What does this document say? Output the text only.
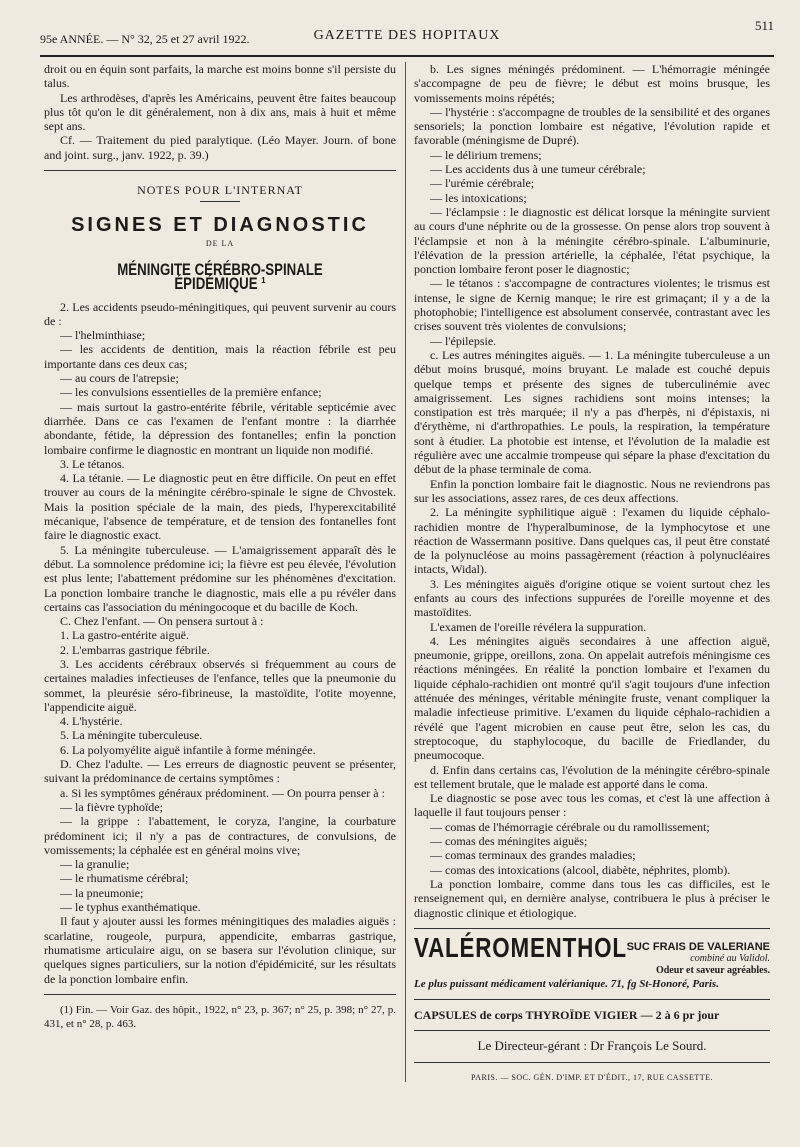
95e ANNÉE. — N° 32, 25 et 27 avril 1922.	GAZETTE DES HOPITAUX
511

droit ou en équin sont parfaits, la marche est moins bonne s'il persiste du talus.

Les arthrodèses, d'après les Américains, peuvent être faites beaucoup plus tôt qu'on le dit généralement, non à dix ans, mais à huit et même sept ans.

Cf. — Traitement du pied paralytique. (Léo Mayer. Journ. of bone and joint. surg., janv. 1922, p. 39.)

NOTES POUR L'INTERNAT
SIGNES ET DIAGNOSTIC
DE LA
MÉNINGITE CÉRÉBRO-SPINALE ÉPIDÉMIQUE ¹

2. Les accidents pseudo-méningitiques, qui peuvent survenir au cours de :

— l'helminthiase;

— les accidents de dentition, mais la réaction fébrile est peu importante dans ces deux cas;

— au cours de l'atrepsie;

— les convulsions essentielles de la première enfance;

— mais surtout la gastro-entérite fébrile, véritable septicémie avec diarrhée. Dans ce cas l'examen de l'enfant montre : la diarrhée abondante, fétide, la dépression des fontanelles; enfin la ponction lombaire confirme le diagnostic en montrant un liquide non modifié.

3. Le tétanos.

4. La tétanie. — Le diagnostic peut en être difficile. On peut en effet trouver au cours de la méningite cérébro-spinale le signe de Chvostek. Mais la position spéciale de la main, des pieds, l'hyperexcitabilité mécanique, l'absence de température, et de tension des fontanelles font faire le diagnostic exact.

5. La méningite tuberculeuse. — L'amaigrissement apparaît dès le début. La somnolence prédomine ici; la fièvre est peu élevée, l'évolution est plus lente; l'abattement prédomine sur les phénomènes d'excitation. La ponction lombaire tranche le diagnostic, mais elle a pu révéler dans certains cas l'association du méningocoque et du bacille de Koch.

C. Chez l'enfant. — On pensera surtout à :

1. La gastro-entérite aiguë.

2. L'embarras gastrique fébrile.

3. Les accidents cérébraux observés si fréquemment au cours de certaines maladies infectieuses de l'enfance, telles que la pneumonie du sommet, la pleurésie séro-fibrineuse, la mastoïdite, l'otite moyenne, l'appendicite aiguë.

4. L'hystérie.

5. La méningite tuberculeuse.

6. La polyomyélite aiguë infantile à forme méningée.

D. Chez l'adulte. — Les erreurs de diagnostic peuvent se présenter, suivant la prédominance de certains symptômes :

a. Si les symptômes généraux prédominent. — On pourra penser à :

— la fièvre typhoïde;

— la grippe : l'abattement, le coryza, l'angine, la courbature prédominent ici; il n'y a pas de contractures, de convulsions, de vomissements; la céphalée est en général moins vive;

— la granulie;

— le rhumatisme cérébral;

— la pneumonie;

— le typhus exanthématique.

Il faut y ajouter aussi les formes méningitiques des maladies aiguës : scarlatine, rougeole, purpura, appendicite, embarras gastrique, rhumatisme articulaire aigu, on se basera sur l'évolution clinique, sur quelques signes particuliers, sur la notion d'épidémicité, sur les résultats de la ponction lombaire enfin.

(1) Fin. — Voir Gaz. des hôpit., 1922, n° 23, p. 367; n° 25, p. 398; n° 27, p. 431, et n° 28, p. 463.

b. Les signes méningés prédominent. — L'hémorragie méningée s'accompagne de peu de fièvre; le début est moins brusque, les vomissements moins répétés;

— l'hystérie : s'accompagne de troubles de la sensibilité et des organes sensoriels; la ponction lombaire est négative, l'évolution rapide et favorable (méningisme de Dupré).

— le délirium tremens;

— Les accidents dus à une tumeur cérébrale;

— l'urémie cérébrale;

— les intoxications;

— l'éclampsie : le diagnostic est délicat lorsque la méningite survient au cours d'une néphrite ou de la grossesse. On pense alors trop souvent à l'éclampsie et non à la méningite cérébro-spinale. L'albuminurie, l'élévation de la pression artérielle, la céphalée, l'état psychique, la ponction lombaire feront poser le diagnostic;

— le tétanos : s'accompagne de contractures violentes; le trismus est intense, le signe de Kernig manque; le rire est grimaçant; il y a de la photophobie; l'intelligence est absolument conservée, contrastant avec les crises souvent très violentes de convulsions;

— l'épilepsie.

c. Les autres méningites aiguës. — 1. La méningite tuberculeuse a un début moins brusqué, moins bruyant. Le malade est couché depuis quelque temps et présente des signes de tuberculinémie avec amaigrissement. Les signes rachidiens sont moins intenses; la constipation est très marquée; il n'y a pas d'herpès, ni d'épistaxis, ni d'érythème, ni d'arthropathies. Le pouls, la respiration, la température sont à étudier. La photobie est intense, et l'évolution de la maladie est régulière avec une accalmie trompeuse qui sépare la phase d'excitation du début de la phase terminale de coma.

Enfin la ponction lombaire fait le diagnostic. Nous ne reviendrons pas sur les associations, assez rares, de ces deux affections.

2. La méningite syphilitique aiguë : l'examen du liquide céphalo-rachidien montre de l'hyperalbuminose, de la lymphocytose et une réaction de Wassermann positive. Dans quelques cas, il peut être constaté de la polynucléose au moins passagèrement (réaction à polynucléaires intacts, Widal).

3. Les méningites aiguës d'origine otique se voient surtout chez les enfants au cours des infections suppurées de l'oreille moyenne et des mastoïdites.

L'examen de l'oreille révélera la suppuration.

4. Les méningites aiguës secondaires à une affection aiguë, pneumonie, grippe, oreillons, zona. On appelait autrefois méningisme ces réactions méningées. En réalité la ponction lombaire et l'examen du liquide céphalo-rachidien ont montré qu'il s'agit toujours d'une infection atténuée des méninges, véritable méningite fruste, venant compliquer la maladie infectieuse primitive. L'examen du liquide céphalo-rachidien a révélé que l'agent microbien en cause peut être, selon les cas, du streptocoque, du staphylocoque, du bacille de Friedlander, du pneumocoque.

d. Enfin dans certains cas, l'évolution de la méningite cérébro-spinale est tellement brutale, que le malade est apporté dans le coma.

Le diagnostic se pose avec tous les comas, et c'est là une affection à laquelle il faut toujours penser :

— comas de l'hémorragie cérébrale ou du ramollissement;

— comas des méningites aiguës;

— comas terminaux des grandes maladies;

— comas des intoxications (alcool, diabète, néphrites, plomb).

La ponction lombaire, comme dans tous les cas difficiles, est le renseignement qui, en dernière analyse, contribuera le plus à préciser le diagnostic clinique et étiologique.

VALÉROMENTHOL SUC FRAIS DE VALERIANE
combiné au Validol.
Odeur et saveur agréables.
Le plus puissant médicament valérianique. 71, fg St-Honoré, Paris.
CAPSULES de corps THYROÏDE VIGIER — 2 à 6 pr jour
Le Directeur-gérant : Dr François Le Sourd.
PARIS. — SOC. GÉN. D'IMP. ET D'ÉDIT., 17, RUE CASSETTE.
